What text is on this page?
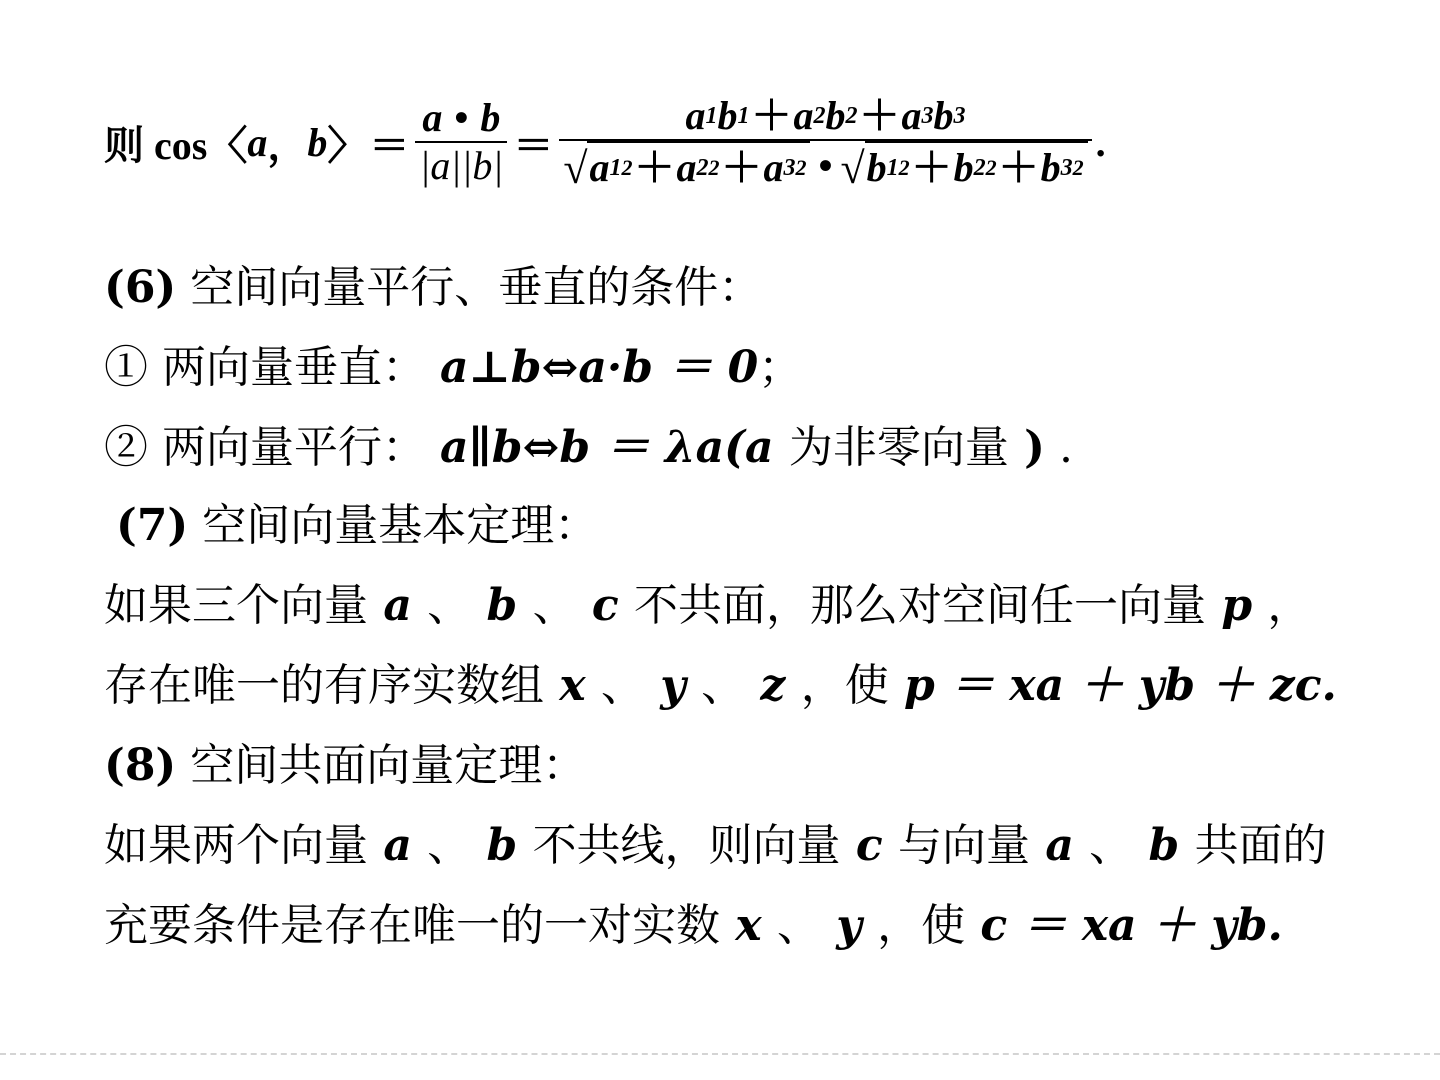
则 cos〈 a ， b 〉 ＝ $\frac{a • b}{|a||b|}$ ＝
a 1 b 1 ＋ a 2 b 2 ＋ a 3 b 3
√ a 1 2 ＋ a 2 2 ＋ a 3 2 • √ b 1 2 ＋ b 2 2 ＋ b 3 2
.
(6) 空间向量平行、垂直的条件：
① 两向量垂直： a⊥b⇔a·b ＝ 0；
② 两向量平行： a∥b⇔b ＝ λa(a 为非零向量 ) .
(7) 空间向量基本定理：
如果三个向量 a 、 b 、 c 不共面，那么对空间任一向量 p ，
存在唯一的有序实数组 x 、 y 、 z ，使 p ＝ xa ＋ yb ＋ zc.
(8) 空间共面向量定理：
如果两个向量 a 、 b 不共线，则向量 c 与向量 a 、 b 共面的
充要条件是存在唯一的一对实数 x 、 y ，使 c ＝ xa ＋ yb.
